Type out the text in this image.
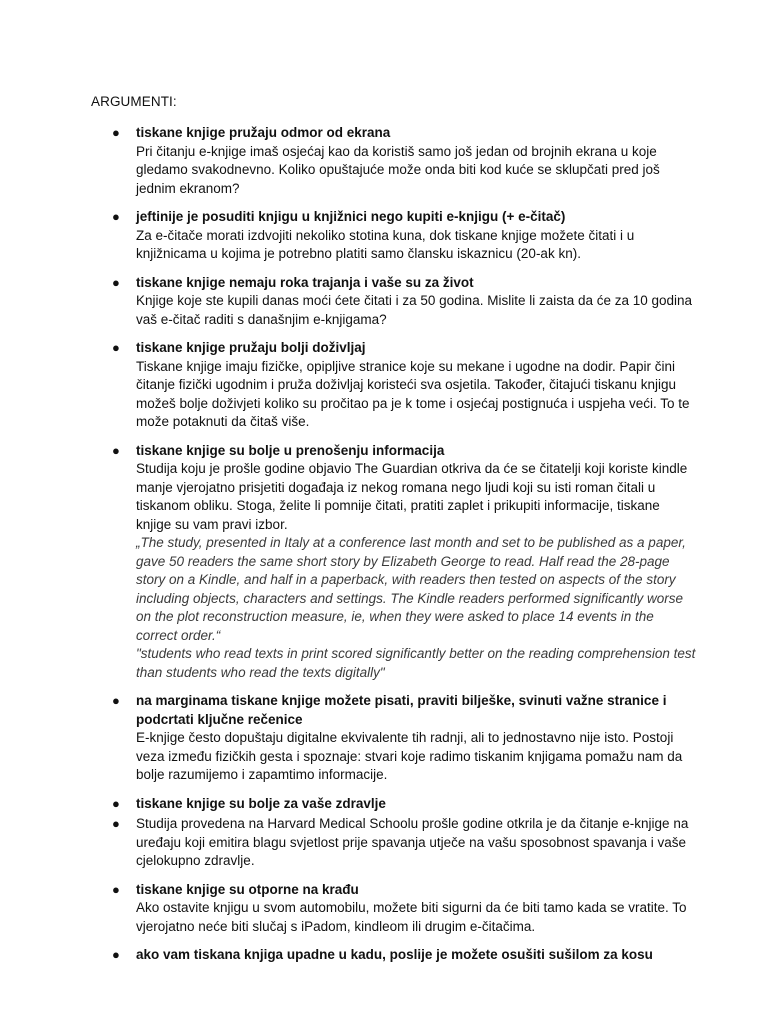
ARGUMENTI:
● tiskane knjige pružaju odmor od ekrana
Pri čitanju e-knjige imaš osjećaj kao da koristiš samo još jedan od brojnih ekrana u koje gledamo svakodnevno. Koliko opuštajuće može onda biti kod kuće se sklupčati pred još jednim ekranom?
● jeftinije je posuditi knjigu u knjižnici nego kupiti e-knjigu (+ e-čitač)
Za e-čitače morati izdvojiti nekoliko stotina kuna, dok tiskane knjige možete čitati i u knjižnicama u kojima je potrebno platiti samo člansku iskaznicu (20-ak kn).
● tiskane knjige nemaju roka trajanja i vaše su za život
Knjige koje ste kupili danas moći ćete čitati i za 50 godina. Mislite li zaista da će za 10 godina vaš e-čitač raditi s današnjim e-knjigama?
● tiskane knjige pružaju bolji doživljaj
Tiskane knjige imaju fizičke, opipljive stranice koje su mekane i ugodne na dodir. Papir čini čitanje fizički ugodnim i pruža doživljaj koristeći sva osjetila. Također, čitajući tiskanu knjigu možeš bolje doživjeti koliko su pročitao pa je k tome i osjećaj postignuća i uspjeha veći. To te može potaknuti da čitaš više.
● tiskane knjige su bolje u prenošenju informacija
Studija koju je prošle godine objavio The Guardian otkriva da će se čitatelji koji koriste kindle manje vjerojatno prisjetiti događaja iz nekog romana nego ljudi koji su isti roman čitali u tiskanom obliku. Stoga, želite li pomnije čitati, pratiti zaplet i prikupiti informacije, tiskane knjige su vam pravi izbor.
„The study, presented in Italy at a conference last month and set to be published as a paper, gave 50 readers the same short story by Elizabeth George to read. Half read the 28-page story on a Kindle, and half in a paperback, with readers then tested on aspects of the story including objects, characters and settings. The Kindle readers performed significantly worse on the plot reconstruction measure, ie, when they were asked to place 14 events in the correct order.“
"students who read texts in print scored significantly better on the reading comprehension test than students who read the texts digitally"
● na marginama tiskane knjige možete pisati, praviti bilješke, svinuti važne stranice i podcrtati ključne rečenice
E-knjige često dopuštaju digitalne ekvivalente tih radnji, ali to jednostavno nije isto. Postoji veza između fizičkih gesta i spoznaje: stvari koje radimo tiskanim knjigama pomažu nam da bolje razumijemo i zapamtimo informacije.
● tiskane knjige su bolje za vaše zdravlje
● Studija provedena na Harvard Medical Schoolu prošle godine otkrila je da čitanje e-knjige na uređaju koji emitira blagu svjetlost prije spavanja utječe na vašu sposobnost spavanja i vaše cjelokupno zdravlje.
● tiskane knjige su otporne na krađu
Ako ostavite knjigu u svom automobilu, možete biti sigurni da će biti tamo kada se vratite. To vjerojatno neće biti slučaj s iPadom, kindleom ili drugim e-čitačima.
● ako vam tiskana knjiga upadne u kadu, poslije je možete osušiti sušilom za kosu
